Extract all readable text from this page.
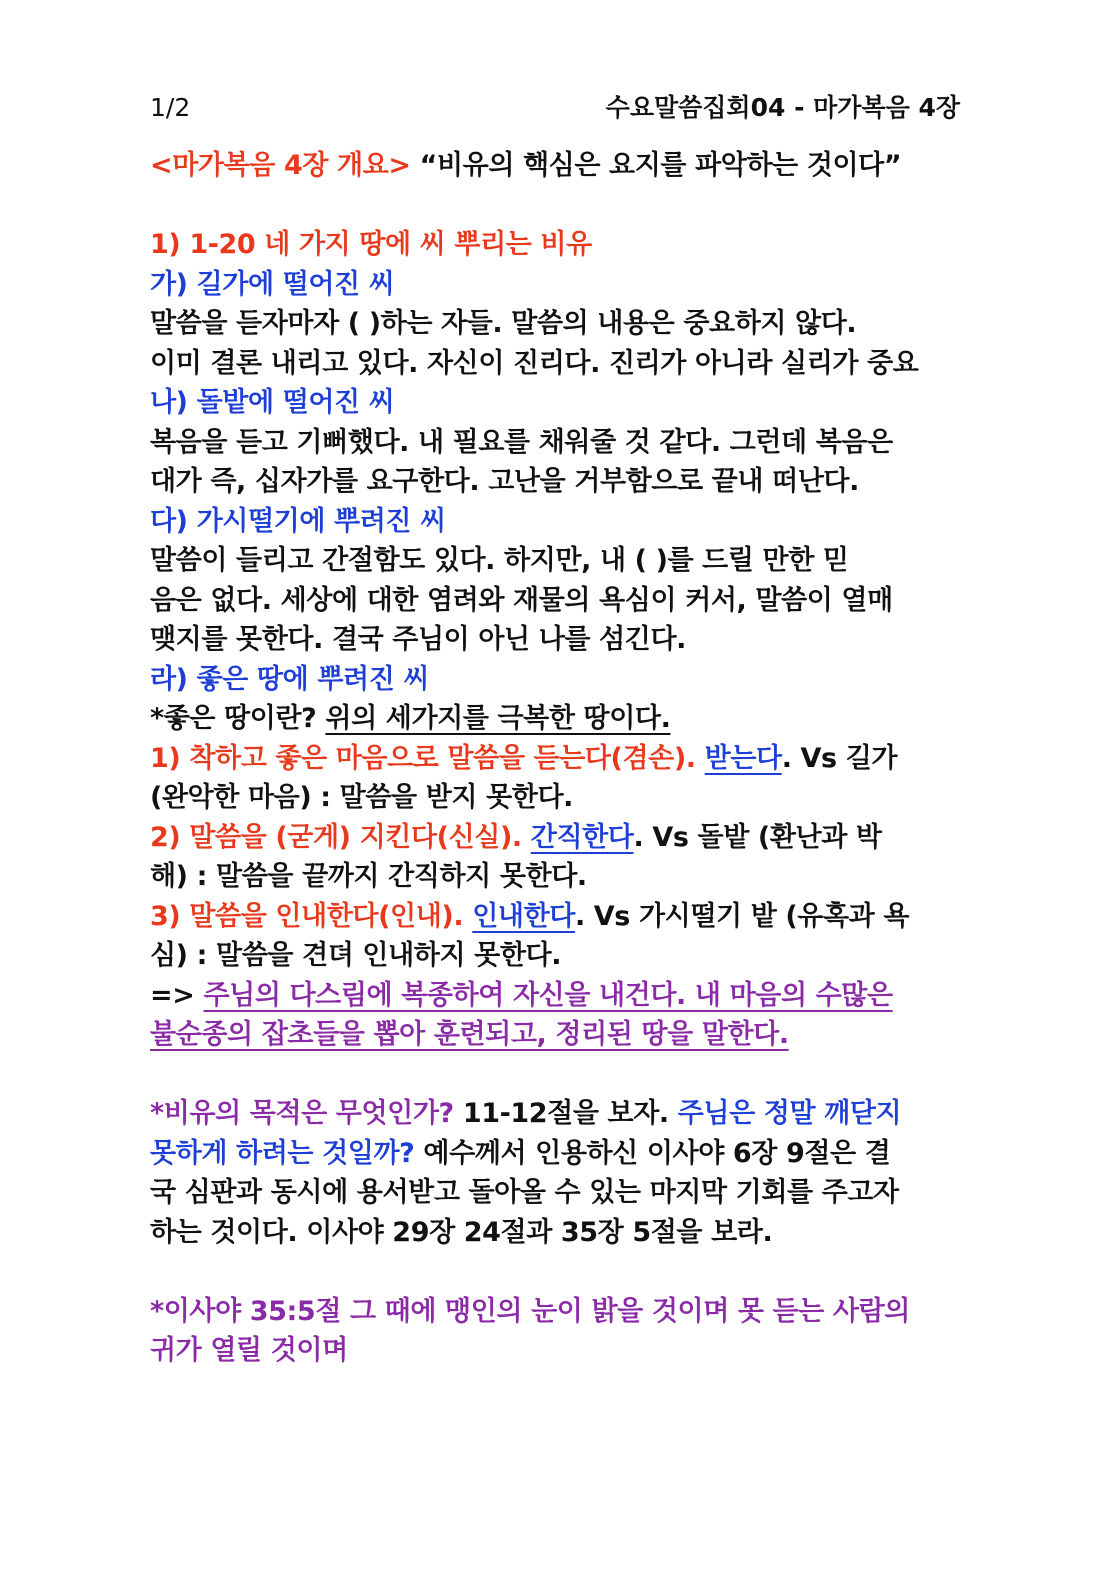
1/2	수요말씀집회04 - 마가복음 4장
<마가복음 4장 개요> “비유의 핵심은 요지를 파악하는 것이다”
1) 1-20 네 가지 땅에 씨 뿌리는 비유
가) 길가에 떨어진 씨
말씀을 듣자마자 ( )하는 자들. 말씀의 내용은 중요하지 않다.
이미 결론 내리고 있다. 자신이 진리다. 진리가 아니라 실리가 중요
나) 돌밭에 떨어진 씨
복음을 듣고 기뻐했다. 내 필요를 채워줄 것 같다. 그런데 복음은
대가 즉, 십자가를 요구한다. 고난을 거부함으로 끝내 떠난다.
다) 가시떨기에 뿌려진 씨
말씀이 들리고 간절함도 있다. 하지만, 내 ( )를 드릴 만한 믿
음은 없다. 세상에 대한 염려와 재물의 욕심이 커서, 말씀이 열매
맺지를 못한다. 결국 주님이 아닌 나를 섬긴다.
라) 좋은 땅에 뿌려진 씨
*좋은 땅이란? 위의 세가지를 극복한 땅이다.
1) 착하고 좋은 마음으로 말씀을 듣는다(겸손). 받는다. Vs 길가
(완악한 마음) : 말씀을 받지 못한다.
2) 말씀을 (굳게) 지킨다(신실). 간직한다. Vs 돌밭 (환난과 박
해) : 말씀을 끝까지 간직하지 못한다.
3) 말씀을 인내한다(인내). 인내한다. Vs 가시떨기 밭 (유혹과 욕
심) : 말씀을 견뎌 인내하지 못한다.
=> 주님의 다스림에 복종하여 자신을 내건다. 내 마음의 수많은
불순종의 잡초들을 뽑아 훈련되고, 정리된 땅을 말한다.
*비유의 목적은 무엇인가? 11-12절을 보자. 주님은 정말 깨닫지
못하게 하려는 것일까? 예수께서 인용하신 이사야 6장 9절은 결
국 심판과 동시에 용서받고 돌아올 수 있는 마지막 기회를 주고자
하는 것이다. 이사야 29장 24절과 35장 5절을 보라.
*이사야 35:5절 그 때에 맹인의 눈이 밝을 것이며 못 듣는 사람의
귀가 열릴 것이며
